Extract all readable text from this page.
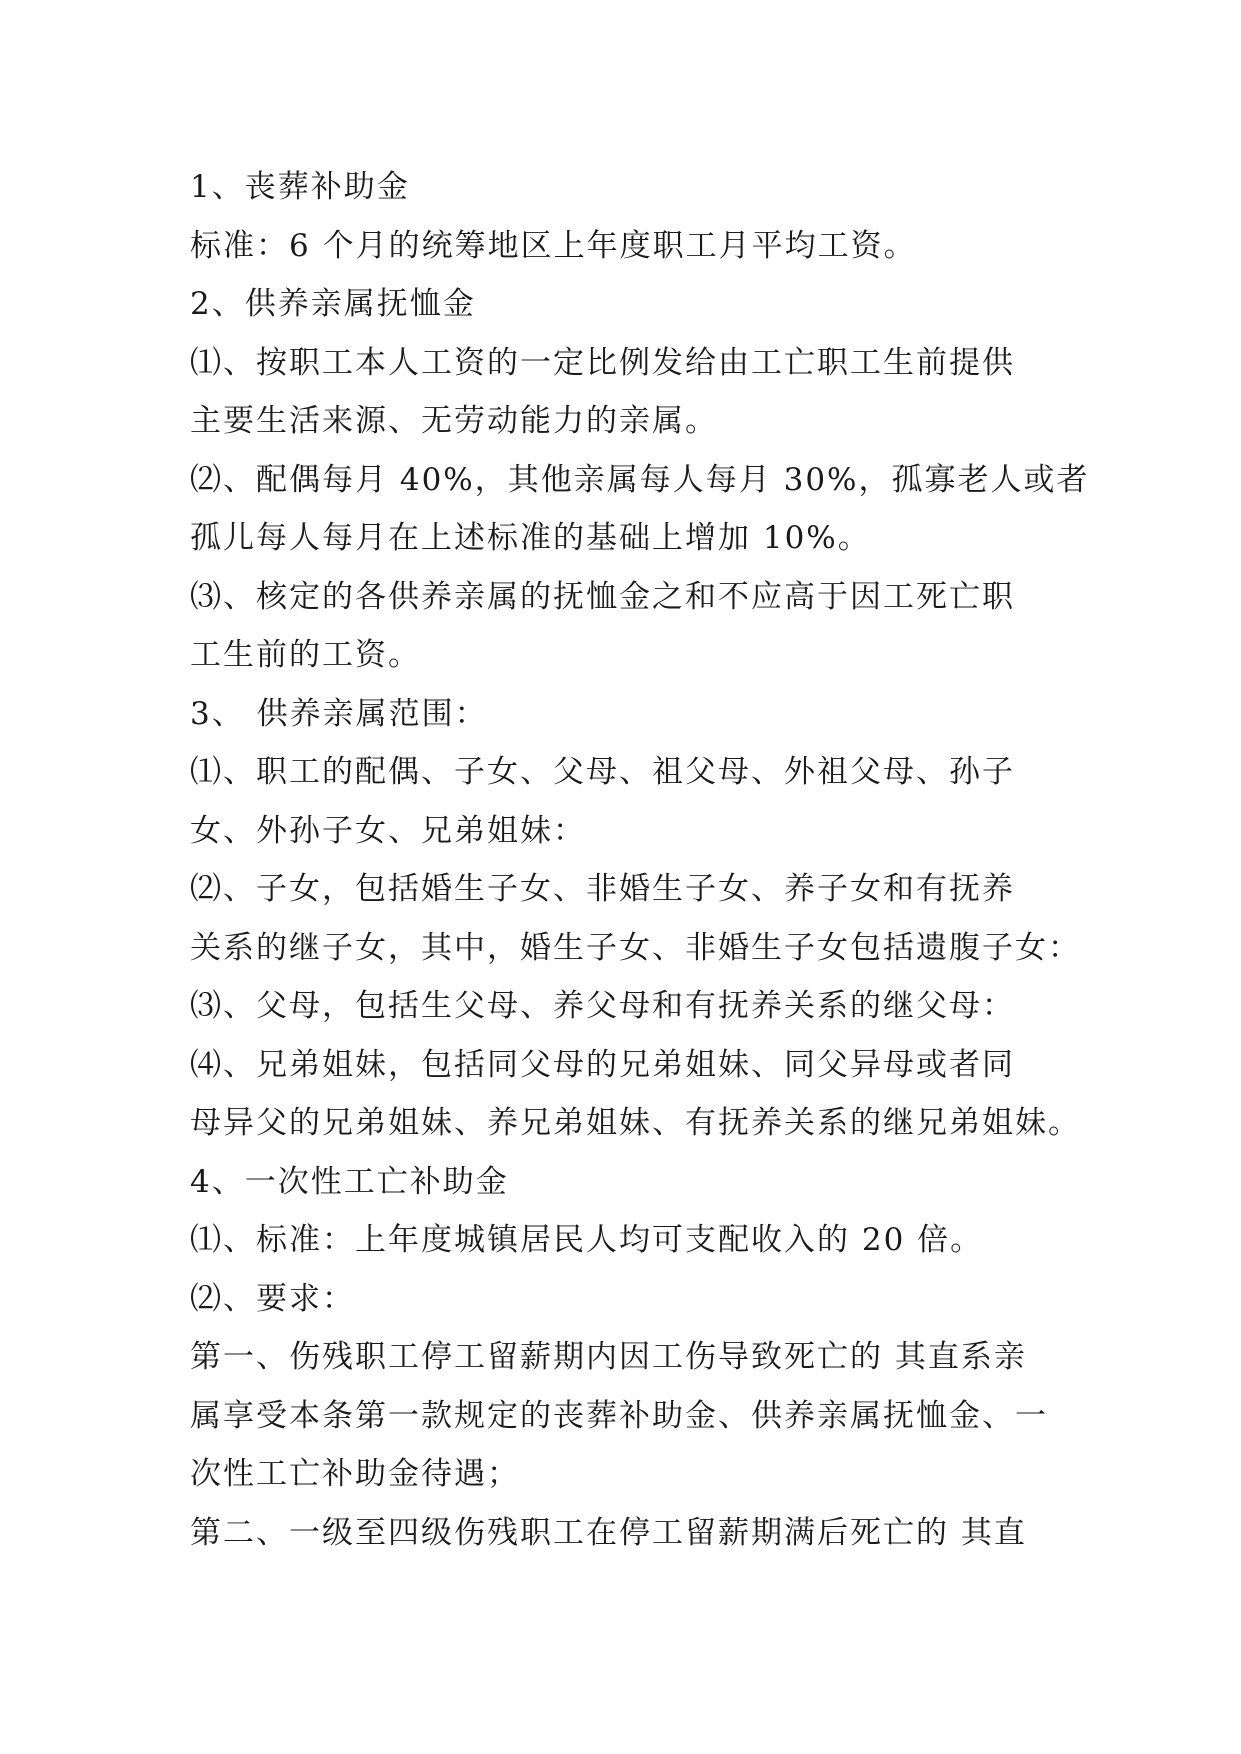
1、丧葬补助金
标准：6 个月的统筹地区上年度职工月平均工资。
2、供养亲属抚恤金
⑴、按职工本人工资的一定比例发给由工亡职工生前提供
主要生活来源、无劳动能力的亲属。
⑵、配偶每月 40%，其他亲属每人每月 30%，孤寡老人或者
孤儿每人每月在上述标准的基础上增加 10%。
⑶、核定的各供养亲属的抚恤金之和不应高于因工死亡职
工生前的工资。
3、 供养亲属范围：
⑴、职工的配偶、子女、父母、祖父母、外祖父母、孙子
女、外孙子女、兄弟姐妹：
⑵、子女，包括婚生子女、非婚生子女、养子女和有抚养
关系的继子女，其中，婚生子女、非婚生子女包括遗腹子女：
⑶、父母，包括生父母、养父母和有抚养关系的继父母：
⑷、兄弟姐妹，包括同父母的兄弟姐妹、同父异母或者同
母异父的兄弟姐妹、养兄弟姐妹、有抚养关系的继兄弟姐妹。
4、一次性工亡补助金
⑴、标准：上年度城镇居民人均可支配收入的 20 倍。
⑵、要求：
第一、伤残职工停工留薪期内因工伤导致死亡的 其直系亲
属享受本条第一款规定的丧葬补助金、供养亲属抚恤金、一
次性工亡补助金待遇；
第二、一级至四级伤残职工在停工留薪期满后死亡的 其直
